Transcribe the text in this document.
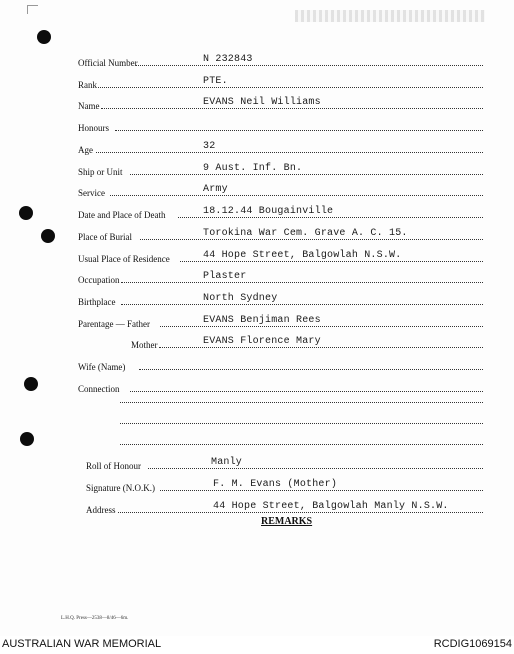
Official Number	N 232843
Rank	PTE.
Name	EVANS Neil Williams
Honours
Age	32
Ship or Unit	9 Aust. Inf. Bn.
Service	Army
Date and Place of Death	18.12.44 Bougainville
Place of Burial	Torokina War Cem. Grave A. C. 15.
Usual Place of Residence	44 Hope Street, Balgowlah N.S.W.
Occupation	Plaster
Birthplace	North Sydney
Parentage — Father	EVANS Benjiman Rees
Mother	EVANS Florence Mary
Wife (Name)
Connection
Roll of Honour	Manly
Signature (N.O.K.)	F. M. Evans (Mother)
Address	44 Hope Street, Balgowlah Manly N.S.W.
REMARKS
L.H.Q. Press—2538—8/46—6m.
AUSTRALIAN WAR MEMORIAL	RCDIG1069154
